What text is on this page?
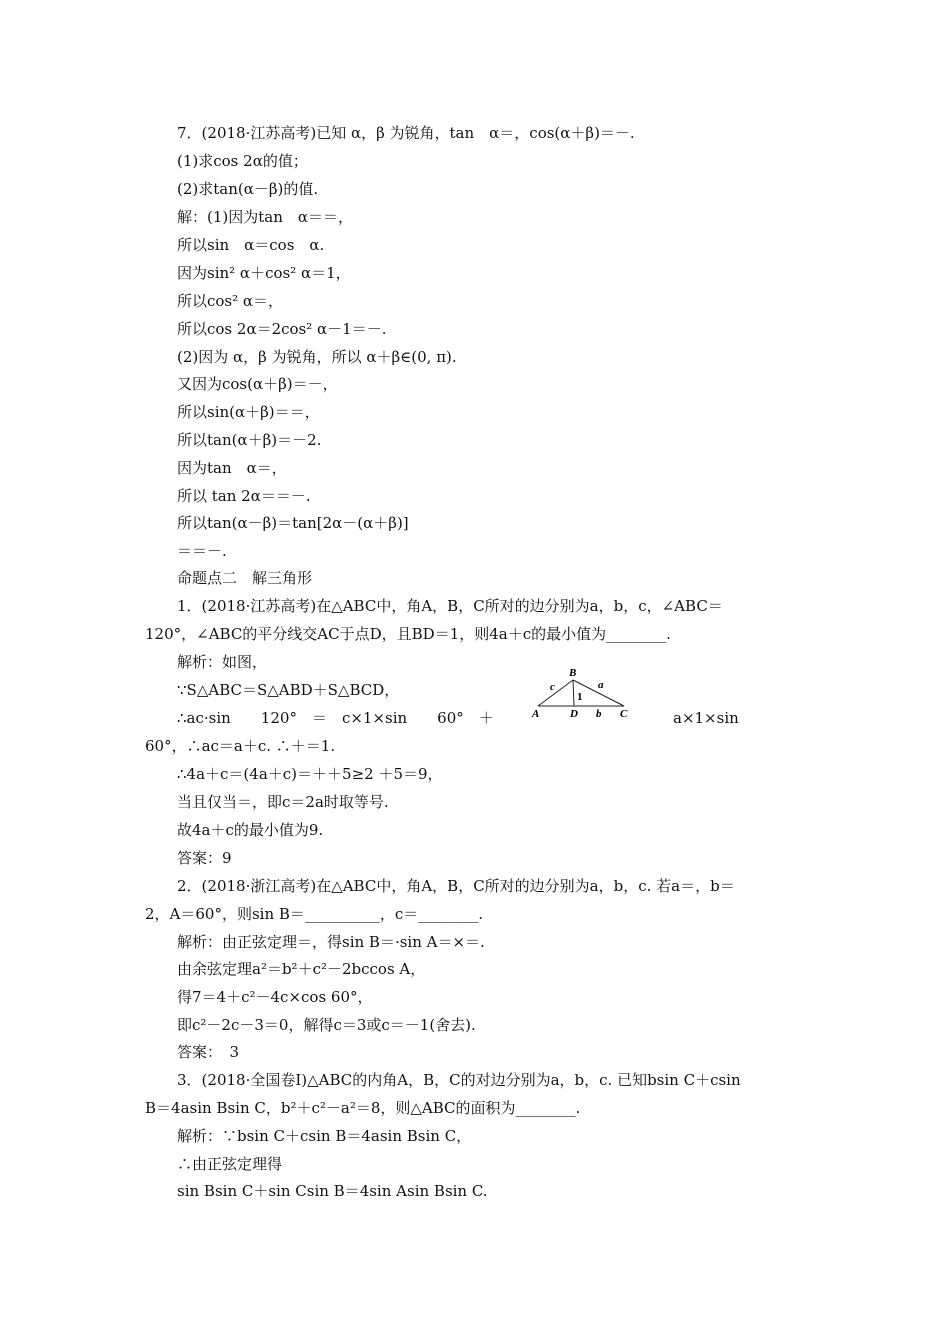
7．(2018·江苏高考)已知 α，β 为锐角，tan　α＝，cos(α＋β)＝－.
(1)求cos 2α的值；
(2)求tan(α－β)的值.
解：(1)因为tan　α＝＝，
所以sin　α＝cos　α.
因为sin² α＋cos² α＝1，
所以cos² α＝，
所以cos 2α＝2cos² α－1＝－.
(2)因为 α，β 为锐角，所以 α＋β∈(0, π).
又因为cos(α＋β)＝－，
所以sin(α＋β)＝＝，
所以tan(α＋β)＝－2.
因为tan　α＝，
所以 tan 2α＝＝－.
所以tan(α－β)＝tan[2α－(α＋β)]
＝＝－.
命题点二　解三角形
1．(2018·江苏高考)在△ABC中，角A，B，C所对的边分别为a，b，c，∠ABC＝
120°，∠ABC的平分线交AC于点D，且BD＝1，则4a＋c的最小值为________.
解析：如图，
∵S△ABC＝S△ABD＋S△BCD，
∴ac·sin　　120°　＝　c×1×sin　　60°　＋
B
A	D	C
a
b
c
1
a×1×sin
60°，∴ac＝a＋c. ∴＋＝1.
∴4a＋c＝(4a＋c)＝＋＋5≥2 ＋5＝9，
当且仅当＝，即c＝2a时取等号.
故4a＋c的最小值为9.
答案：9
2．(2018·浙江高考)在△ABC中，角A，B，C所对的边分别为a，b，c. 若a＝，b＝
2，A＝60°，则sin B＝__________，c＝________.
解析：由正弦定理＝，得sin B＝·sin A＝×＝.
由余弦定理a²＝b²＋c²－2bccos A，
得7＝4＋c²－4c×cos 60°，
即c²－2c－3＝0，解得c＝3或c＝－1(舍去).
答案：　3
3．(2018·全国卷Ⅰ)△ABC的内角A，B，C的对边分别为a，b，c. 已知bsin C＋csin
B＝4asin Bsin C，b²＋c²－a²＝8，则△ABC的面积为________.
解析：∵bsin C＋csin B＝4asin Bsin C，
∴由正弦定理得
sin Bsin C＋sin Csin B＝4sin Asin Bsin C.
